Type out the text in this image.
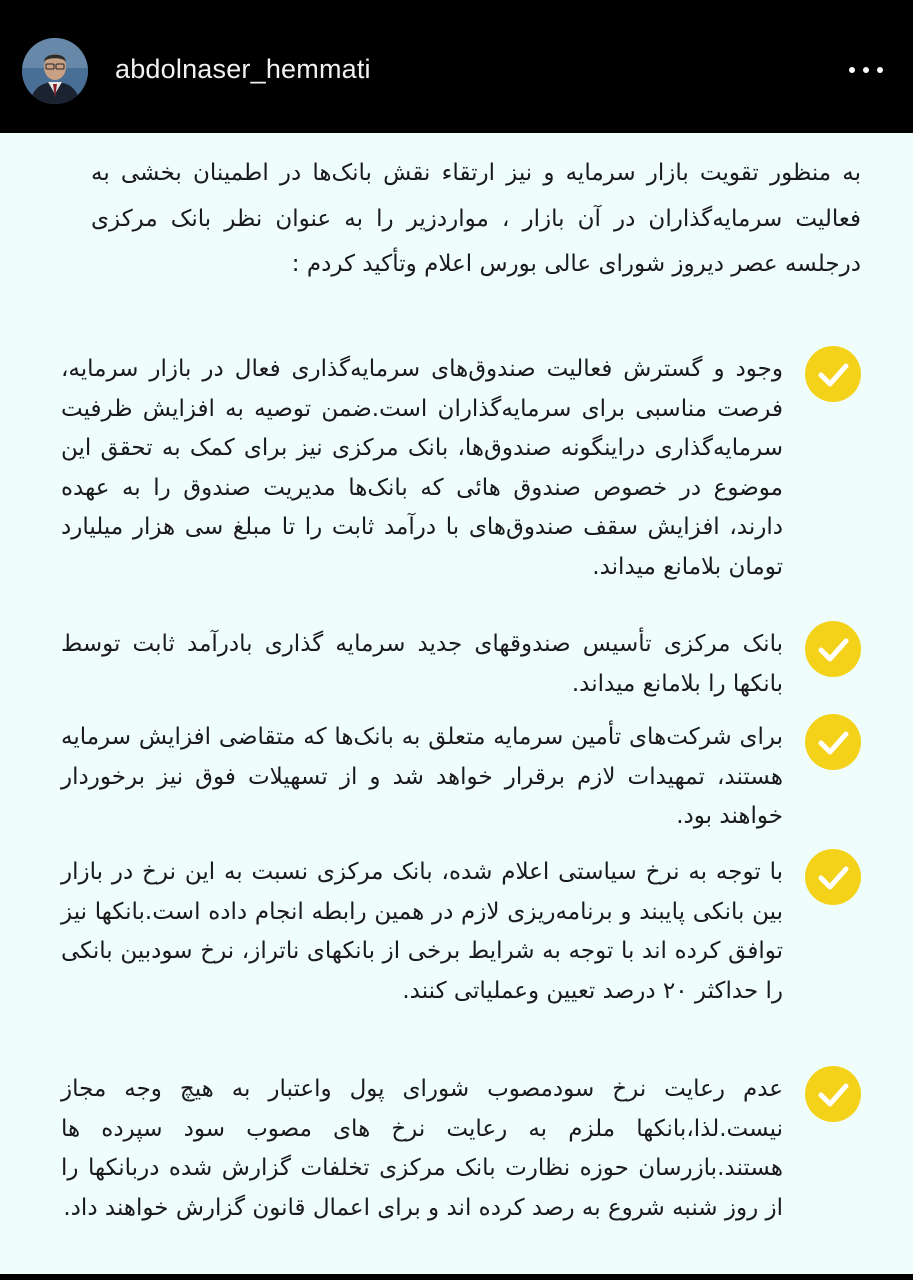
abdolnaser_hemmati
به منظور تقویت بازار سرمایه و نیز ارتقاء نقش بانک‌ها در اطمینان بخشی به فعالیت سرمایه‌گذاران در آن بازار ، مواردزیر را به عنوان نظر بانک مرکزی درجلسه عصر دیروز شورای عالی بورس اعلام وتأکید کردم :
وجود و گسترش فعالیت صندوق‌های سرمایه‌گذاری فعال در بازار سرمایه، فرصت مناسبی برای سرمایه‌گذاران است.ضمن توصیه به افزایش ظرفیت سرمایه‌گذاری دراینگونه صندوق‌ها، بانک مرکزی نیز برای کمک به تحقق این موضوع در خصوص صندوق هائی که بانک‌ها مدیریت صندوق را به عهده دارند، افزایش سقف صندوق‌های با درآمد ثابت را تا مبلغ سی هزار میلیارد تومان بلامانع میداند.
بانک مرکزی تأسیس صندوقهای جدید سرمایه گذاری بادرآمد ثابت توسط بانکها را بلامانع میداند.
برای شرکت‌های تأمین سرمایه متعلق به بانک‌ها که متقاضی افزایش سرمایه هستند، تمهیدات لازم برقرار خواهد شد و از تسهیلات فوق نیز برخوردار خواهند بود.
با توجه به نرخ سیاستی اعلام شده، بانک مرکزی نسبت به این نرخ در بازار بین بانکی پایبند و برنامه‌ریزی لازم در همین رابطه انجام داده است.بانکها نیز توافق کرده اند با توجه به شرایط برخی از بانکهای ناتراز، نرخ سودبین بانکی را حداکثر ۲۰ درصد تعیین وعملیاتی کنند.
عدم رعایت نرخ سودمصوب شورای پول واعتبار به هیچ وجه مجاز نیست.لذا،بانکها ملزم به رعایت نرخ های مصوب سود سپرده ها هستند.بازرسان حوزه نظارت بانک مرکزی تخلفات گزارش شده دربانکها را از روز شنبه شروع به رصد کرده اند و برای اعمال قانون گزارش خواهند داد.
